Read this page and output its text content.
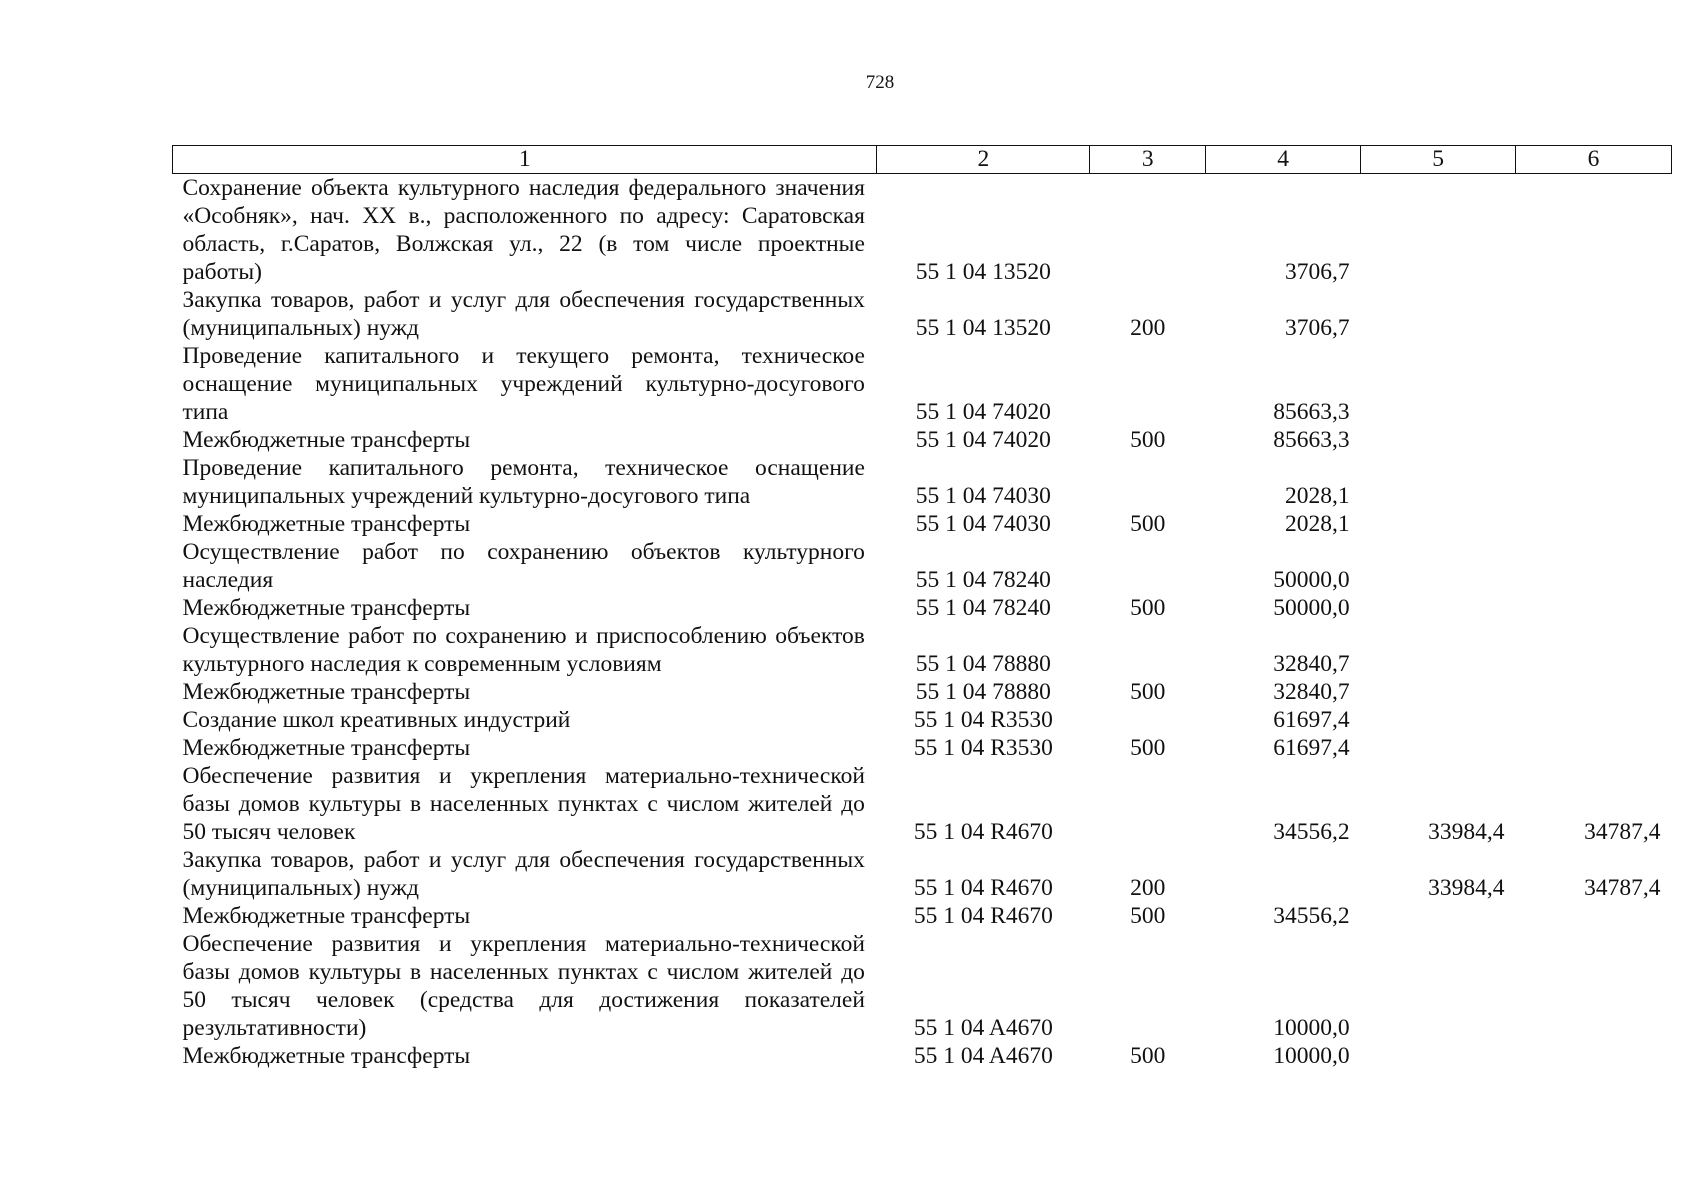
728
1	2	3	4	5	6
Сохранение объекта культурного наследия федерального значения «Особняк», нач. XX в., расположенного по адресу: Саратовская область, г.Саратов, Волжская ул., 22 (в том числе проектные работы)	55 1 04 13520		3706,7		
Закупка товаров, работ и услуг для обеспечения государственных (муниципальных) нужд	55 1 04 13520	200	3706,7		
Проведение капитального и текущего ремонта, техническое оснащение муниципальных учреждений культурно-досугового типа	55 1 04 74020		85663,3		
Межбюджетные трансферты	55 1 04 74020	500	85663,3		
Проведение капитального ремонта, техническое оснащение муниципальных учреждений культурно-досугового типа	55 1 04 74030		2028,1		
Межбюджетные трансферты	55 1 04 74030	500	2028,1		
Осуществление работ по сохранению объектов культурного наследия	55 1 04 78240		50000,0		
Межбюджетные трансферты	55 1 04 78240	500	50000,0		
Осуществление работ по сохранению и приспособлению объектов культурного наследия к современным условиям	55 1 04 78880		32840,7		
Межбюджетные трансферты	55 1 04 78880	500	32840,7		
Создание школ креативных индустрий	55 1 04 R3530		61697,4		
Межбюджетные трансферты	55 1 04 R3530	500	61697,4		
Обеспечение развития и укрепления материально-технической базы домов культуры в населенных пунктах с числом жителей до 50 тысяч человек	55 1 04 R4670		34556,2	33984,4	34787,4
Закупка товаров, работ и услуг для обеспечения государственных (муниципальных) нужд	55 1 04 R4670	200		33984,4	34787,4
Межбюджетные трансферты	55 1 04 R4670	500	34556,2		
Обеспечение развития и укрепления материально-технической базы домов культуры в населенных пунктах с числом жителей до 50 тысяч человек (средства для достижения показателей результативности)	55 1 04 A4670		10000,0		
Межбюджетные трансферты	55 1 04 A4670	500	10000,0		
